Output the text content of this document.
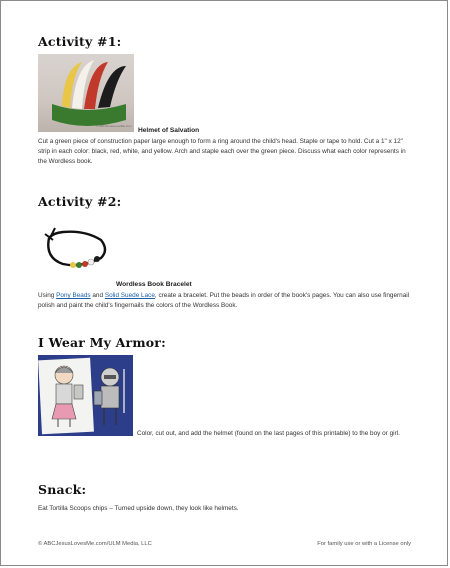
Activity #1:
© ABCJesusLovesMe.com
Helmet of Salvation
Cut a green piece of construction paper large enough to form a ring around the child's head. Staple or tape to hold. Cut a 1" x 12" strip in each color: black, red, white, and yellow. Arch and staple each over the green piece. Discuss what each color represents in the Wordless book.
Activity #2:
Wordless Book Bracelet
Using Pony Beads and Solid Suede Lace, create a bracelet. Put the beads in order of the book's pages. You can also use fingernail polish and paint the child's fingernails the colors of the Wordless Book.
I Wear My Armor:
Color, cut out, and add the helmet (found on the last pages of this printable) to the boy or girl.
Snack:
Eat Tortilla Scoops chips – Turned upside down, they look like helmets.
© ABCJesusLovesMe.com/ULM Media, LLC	For family use or with a License only
